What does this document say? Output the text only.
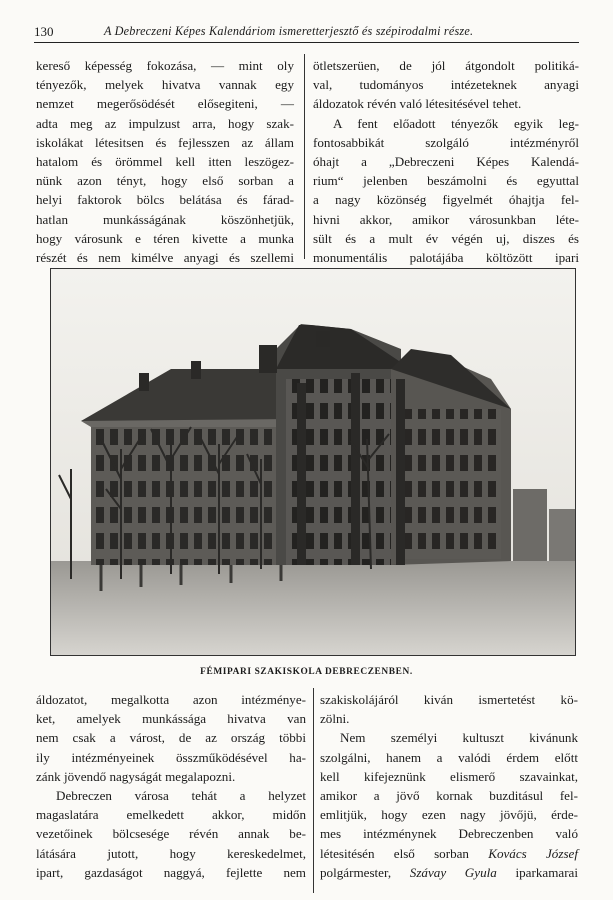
130	A Debreczeni Képes Kalendáriom ismeretterjesztő és szépirodalmi része.
kereső képesség fokozása, — mint oly
tényezők, melyek hivatva vannak egy
nemzet megerősödését elősegiteni, —
adta meg az impulzust arra, hogy szak-
iskolákat létesitsen és fejlesszen az állam
hatalom és örömmel kell itten leszögez-
nünk azon tényt, hogy első sorban a
helyi faktorok bölcs belátása és fárad-
hatlan munkásságának köszönhetjük,
hogy városunk e téren kivette a munka
részét és nem kimélve anyagi és szellemi
ötletszerüen, de jól átgondolt politiká-
val, tudományos intézeteknek anyagi
áldozatok révén való létesitésével tehet.
A fent előadott tényezők egyik leg-
fontosabbikát szolgáló intézményről
óhajt a „Debreczeni Képes Kalendá-
rium“ jelenben beszámolni és egyuttal
a nagy közönség figyelmét óhajtja fel-
hivni akkor, amikor városunkban léte-
sült és a mult év végén uj, diszes és
monumentális palotájába költözött ipari
FÉMIPARI SZAKISKOLA DEBRECZENBEN.
áldozatot, megalkotta azon intézménye-
ket, amelyek munkássága hivatva van
nem csak a várost, de az ország többi
ily intézményeinek összműködésével ha-
zánk jövendő nagyságát megalapozni.
Debreczen városa tehát a helyzet
magaslatára emelkedett akkor, midőn
vezetőinek bölcsesége révén annak be-
látására jutott, hogy kereskedelmet,
ipart, gazdaságot naggyá, fejlette nem
szakiskolájáról kiván ismertetést kö-
zölni.
Nem személyi kultuszt kivánunk
szolgálni, hanem a valódi érdem előtt
kell kifejeznünk elismerő szavainkat,
amikor a jövő kornak buzditásul fel-
emlitjük, hogy ezen nagy jövőjü, érde-
mes intézménynek Debreczenben való
létesitésén első sorban Kovács József
polgármester, Szávay Gyula iparkamarai
